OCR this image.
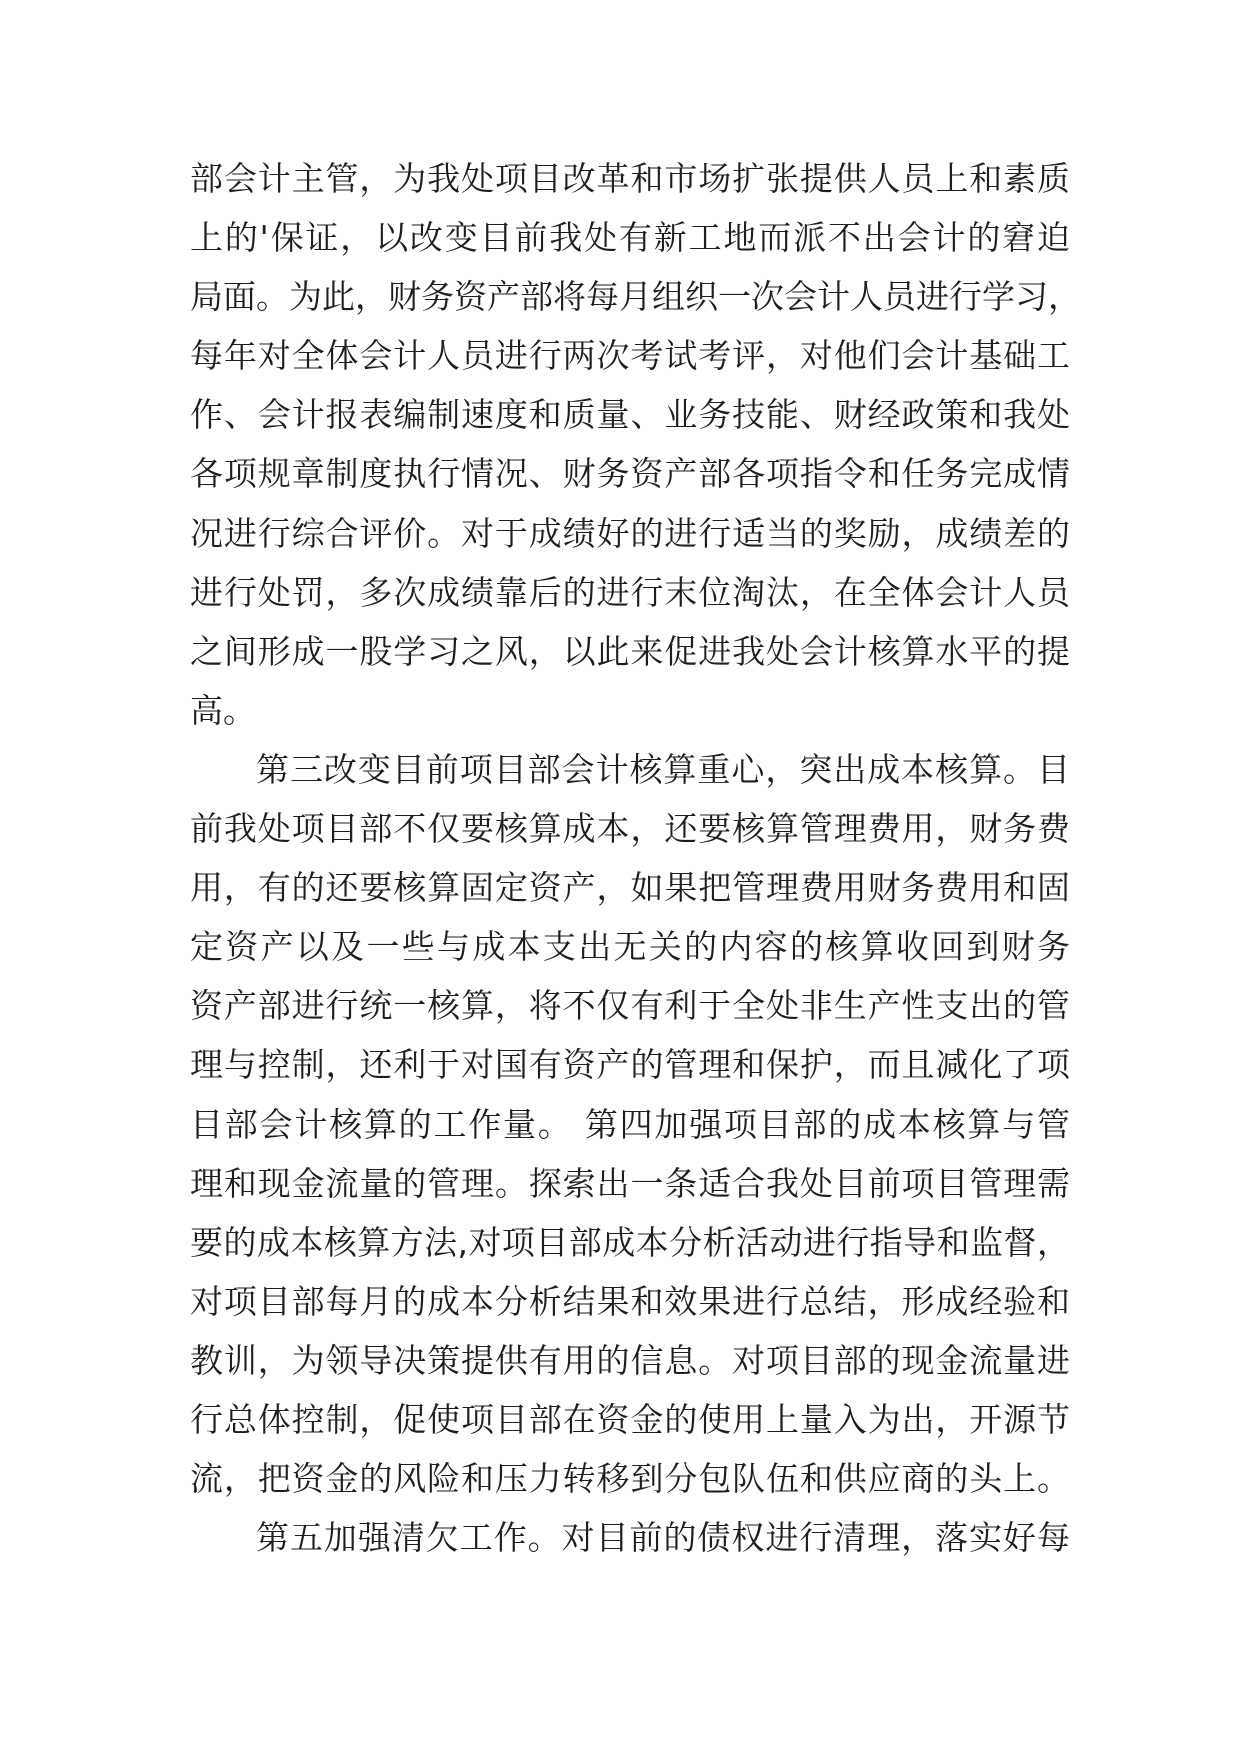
部会计主管，为我处项目改革和市场扩张提供人员上和素质
上的'保证，以改变目前我处有新工地而派不出会计的窘迫
局面。为此，财务资产部将每月组织一次会计人员进行学习，
每年对全体会计人员进行两次考试考评，对他们会计基础工
作、会计报表编制速度和质量、业务技能、财经政策和我处
各项规章制度执行情况、财务资产部各项指令和任务完成情
况进行综合评价。对于成绩好的进行适当的奖励，成绩差的
进行处罚，多次成绩靠后的进行末位淘汰，在全体会计人员
之间形成一股学习之风，以此来促进我处会计核算水平的提
高。
第三改变目前项目部会计核算重心，突出成本核算。目
前我处项目部不仅要核算成本，还要核算管理费用，财务费
用，有的还要核算固定资产，如果把管理费用财务费用和固
定资产以及一些与成本支出无关的内容的核算收回到财务
资产部进行统一核算，将不仅有利于全处非生产性支出的管
理与控制，还利于对国有资产的管理和保护，而且减化了项
目部会计核算的工作量。 第四加强项目部的成本核算与管
理和现金流量的管理。探索出一条适合我处目前项目管理需
要的成本核算方法,对项目部成本分析活动进行指导和监督，
对项目部每月的成本分析结果和效果进行总结，形成经验和
教训，为领导决策提供有用的信息。对项目部的现金流量进
行总体控制，促使项目部在资金的使用上量入为出，开源节
流，把资金的风险和压力转移到分包队伍和供应商的头上。
第五加强清欠工作。对目前的债权进行清理，落实好每
